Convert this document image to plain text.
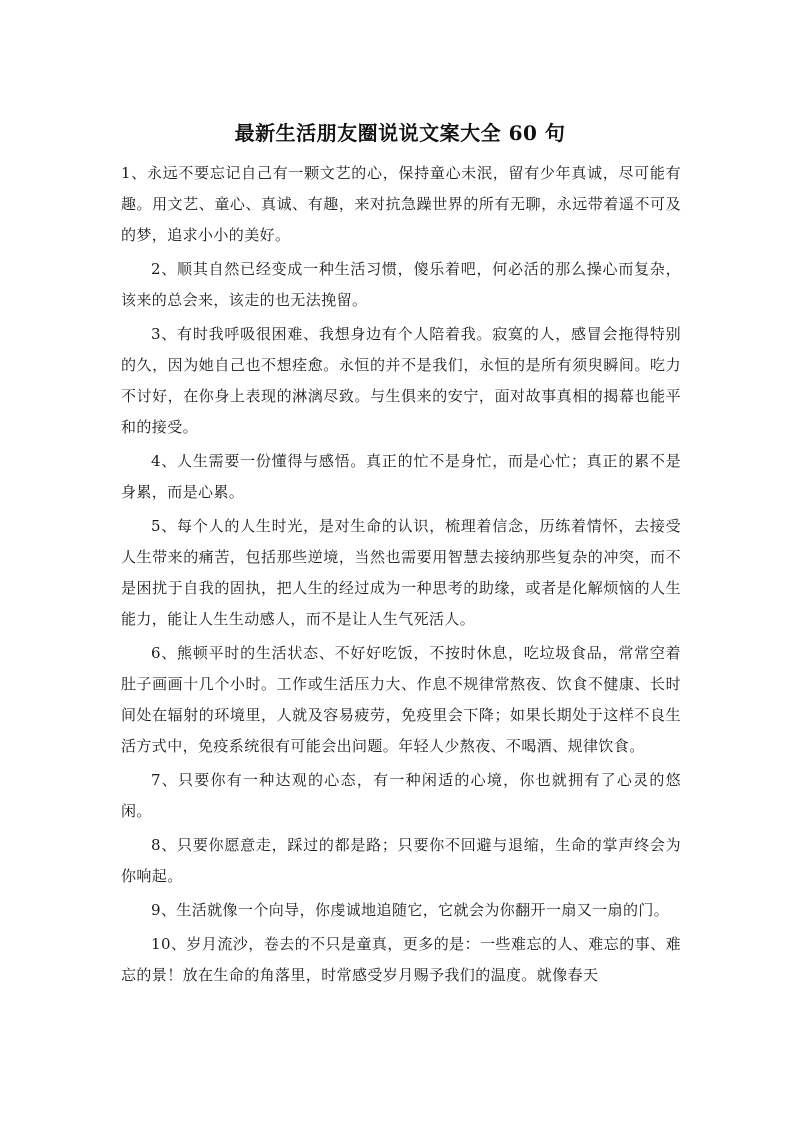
最新生活朋友圈说说文案大全 60 句

1、永远不要忘记自己有一颗文艺的心，保持童心未泯，留有少年真诚，尽可能有趣。用文艺、童心、真诚、有趣，来对抗急躁世界的所有无聊，永远带着遥不可及的梦，追求小小的美好。

2、顺其自然已经变成一种生活习惯，傻乐着吧，何必活的那么操心而复杂，该来的总会来，该走的也无法挽留。

3、有时我呼吸很困难、我想身边有个人陪着我。寂寞的人，感冒会拖得特别的久，因为她自己也不想痊愈。永恒的并不是我们，永恒的是所有须臾瞬间。吃力不讨好，在你身上表现的淋漓尽致。与生俱来的安宁，面对故事真相的揭幕也能平和的接受。

4、人生需要一份懂得与感悟。真正的忙不是身忙，而是心忙；真正的累不是身累，而是心累。

5、每个人的人生时光，是对生命的认识，梳理着信念，历练着情怀，去接受人生带来的痛苦，包括那些逆境，当然也需要用智慧去接纳那些复杂的冲突，而不是困扰于自我的固执，把人生的经过成为一种思考的助缘，或者是化解烦恼的人生能力，能让人生生动感人，而不是让人生气死活人。

6、熊顿平时的生活状态、不好好吃饭，不按时休息，吃垃圾食品，常常空着肚子画画十几个小时。工作或生活压力大、作息不规律常熬夜、饮食不健康、长时间处在辐射的环境里，人就及容易疲劳，免疫里会下降；如果长期处于这样不良生活方式中，免疫系统很有可能会出问题。年轻人少熬夜、不喝酒、规律饮食。

7、只要你有一种达观的心态，有一种闲适的心境，你也就拥有了心灵的悠闲。

8、只要你愿意走，踩过的都是路；只要你不回避与退缩，生命的掌声终会为你响起。

9、生活就像一个向导，你虔诚地追随它，它就会为你翻开一扇又一扇的门。

10、岁月流沙，卷去的不只是童真，更多的是：一些难忘的人、难忘的事、难忘的景！放在生命的角落里，时常感受岁月赐予我们的温度。就像春天
